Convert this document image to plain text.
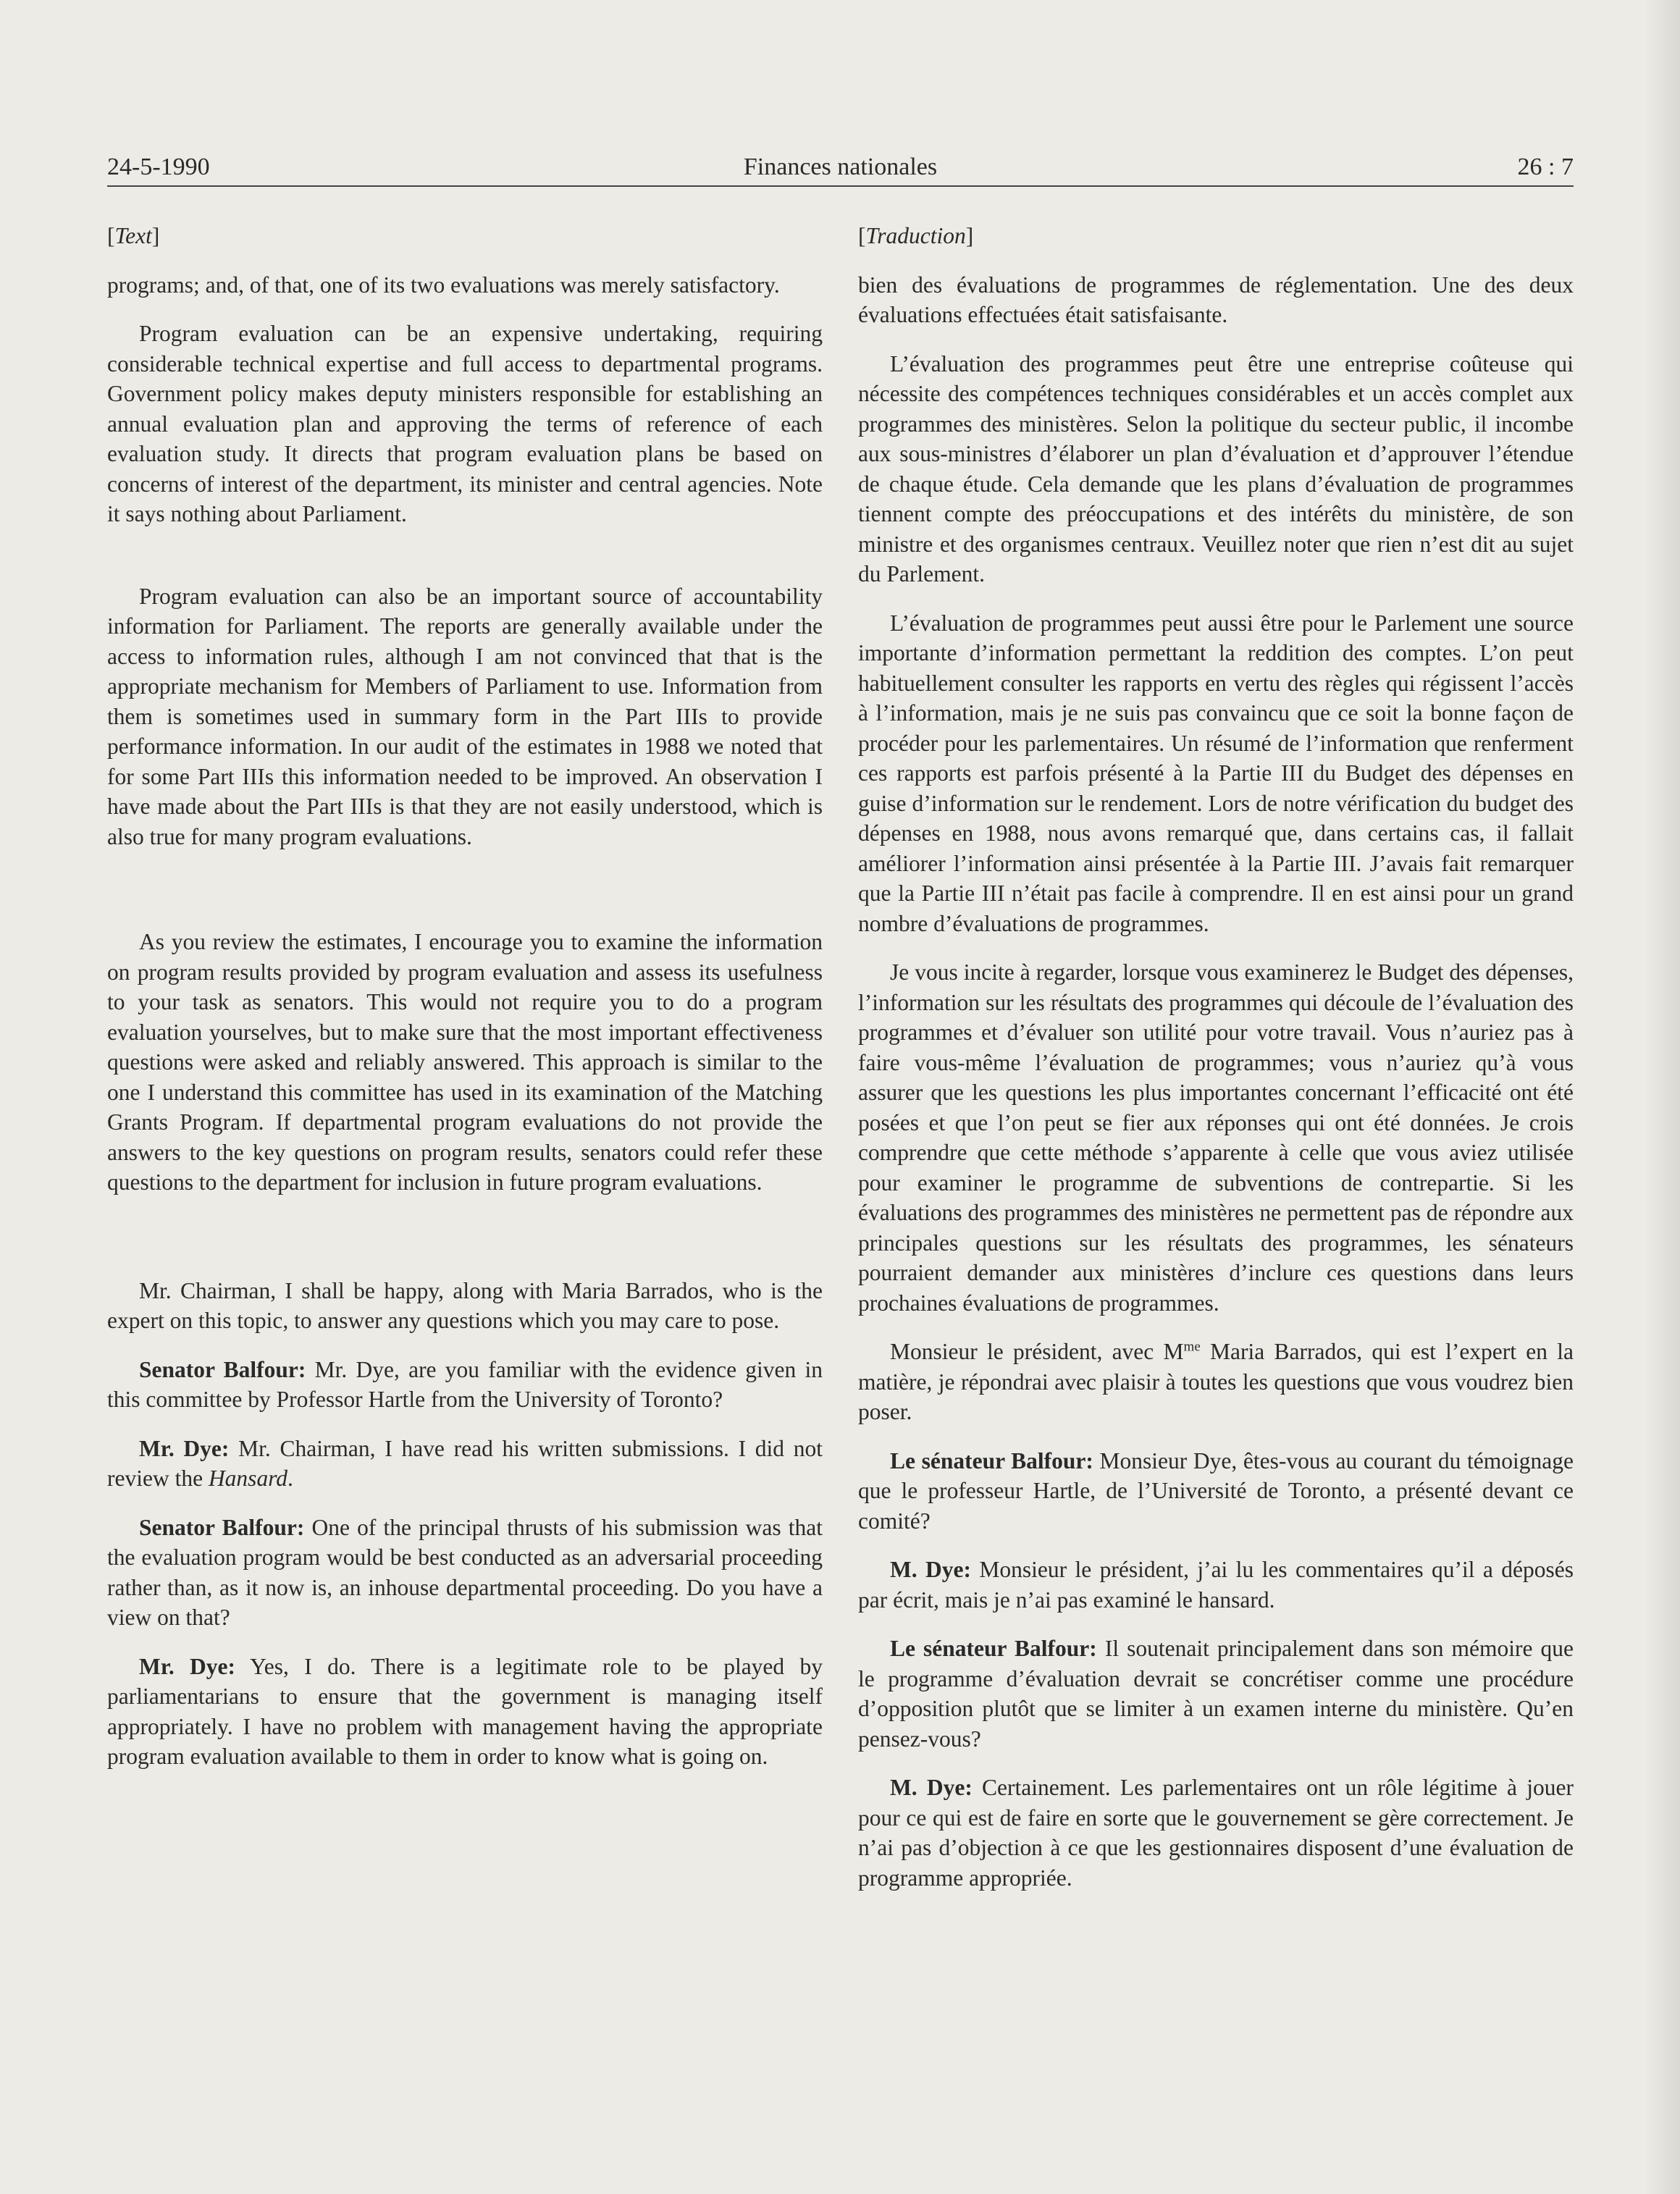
24-5-1990	Finances nationales	26 : 7

[Text]

programs; and, of that, one of its two evaluations was merely satisfactory.

Program evaluation can be an expensive undertaking, requiring considerable technical expertise and full access to departmental programs. Government policy makes deputy ministers responsible for establishing an annual evaluation plan and approving the terms of reference of each evaluation study. It directs that program evaluation plans be based on concerns of interest of the department, its minister and central agencies. Note it says nothing about Parliament.

Program evaluation can also be an important source of accountability information for Parliament. The reports are generally available under the access to information rules, although I am not convinced that that is the appropriate mechanism for Members of Parliament to use. Information from them is sometimes used in summary form in the Part IIIs to provide performance information. In our audit of the estimates in 1988 we noted that for some Part IIIs this information needed to be improved. An observation I have made about the Part IIIs is that they are not easily understood, which is also true for many program evaluations.

As you review the estimates, I encourage you to examine the information on program results provided by program evaluation and assess its usefulness to your task as senators. This would not require you to do a program evaluation yourselves, but to make sure that the most important effectiveness questions were asked and reliably answered. This approach is similar to the one I understand this committee has used in its examination of the Matching Grants Program. If departmental program evaluations do not provide the answers to the key questions on program results, senators could refer these questions to the department for inclusion in future program evaluations.

Mr. Chairman, I shall be happy, along with Maria Barrados, who is the expert on this topic, to answer any questions which you may care to pose.

Senator Balfour: Mr. Dye, are you familiar with the evidence given in this committee by Professor Hartle from the University of Toronto?

Mr. Dye: Mr. Chairman, I have read his written submissions. I did not review the Hansard.

Senator Balfour: One of the principal thrusts of his submission was that the evaluation program would be best conducted as an adversarial proceeding rather than, as it now is, an inhouse departmental proceeding. Do you have a view on that?

Mr. Dye: Yes, I do. There is a legitimate role to be played by parliamentarians to ensure that the government is managing itself appropriately. I have no problem with management having the appropriate program evaluation available to them in order to know what is going on.

[Traduction]

bien des évaluations de programmes de réglementation. Une des deux évaluations effectuées était satisfaisante.

L’évaluation des programmes peut être une entreprise coûteuse qui nécessite des compétences techniques considérables et un accès complet aux programmes des ministères. Selon la politique du secteur public, il incombe aux sous-ministres d’élaborer un plan d’évaluation et d’approuver l’étendue de chaque étude. Cela demande que les plans d’évaluation de programmes tiennent compte des préoccupations et des intérêts du ministère, de son ministre et des organismes centraux. Veuillez noter que rien n’est dit au sujet du Parlement.

L’évaluation de programmes peut aussi être pour le Parlement une source importante d’information permettant la reddition des comptes. L’on peut habituellement consulter les rapports en vertu des règles qui régissent l’accès à l’information, mais je ne suis pas convaincu que ce soit la bonne façon de procéder pour les parlementaires. Un résumé de l’information que renferment ces rapports est parfois présenté à la Partie III du Budget des dépenses en guise d’information sur le rendement. Lors de notre vérification du budget des dépenses en 1988, nous avons remarqué que, dans certains cas, il fallait améliorer l’information ainsi présentée à la Partie III. J’avais fait remarquer que la Partie III n’était pas facile à comprendre. Il en est ainsi pour un grand nombre d’évaluations de programmes.

Je vous incite à regarder, lorsque vous examinerez le Budget des dépenses, l’information sur les résultats des programmes qui découle de l’évaluation des programmes et d’évaluer son utilité pour votre travail. Vous n’auriez pas à faire vous-même l’évaluation de programmes; vous n’auriez qu’à vous assurer que les questions les plus importantes concernant l’efficacité ont été posées et que l’on peut se fier aux réponses qui ont été données. Je crois comprendre que cette méthode s’apparente à celle que vous aviez utilisée pour examiner le programme de subventions de contrepartie. Si les évaluations des programmes des ministères ne permettent pas de répondre aux principales questions sur les résultats des programmes, les sénateurs pourraient demander aux ministères d’inclure ces questions dans leurs prochaines évaluations de programmes.

Monsieur le président, avec $M^{me}$ Maria Barrados, qui est l’expert en la matière, je répondrai avec plaisir à toutes les questions que vous voudrez bien poser.

Le sénateur Balfour: Monsieur Dye, êtes-vous au courant du témoignage que le professeur Hartle, de l’Université de Toronto, a présenté devant ce comité?

M. Dye: Monsieur le président, j’ai lu les commentaires qu’il a déposés par écrit, mais je n’ai pas examiné le hansard.

Le sénateur Balfour: Il soutenait principalement dans son mémoire que le programme d’évaluation devrait se concrétiser comme une procédure d’opposition plutôt que se limiter à un examen interne du ministère. Qu’en pensez-vous?

M. Dye: Certainement. Les parlementaires ont un rôle légitime à jouer pour ce qui est de faire en sorte que le gouvernement se gère correctement. Je n’ai pas d’objection à ce que les gestionnaires disposent d’une évaluation de programme appropriée.
